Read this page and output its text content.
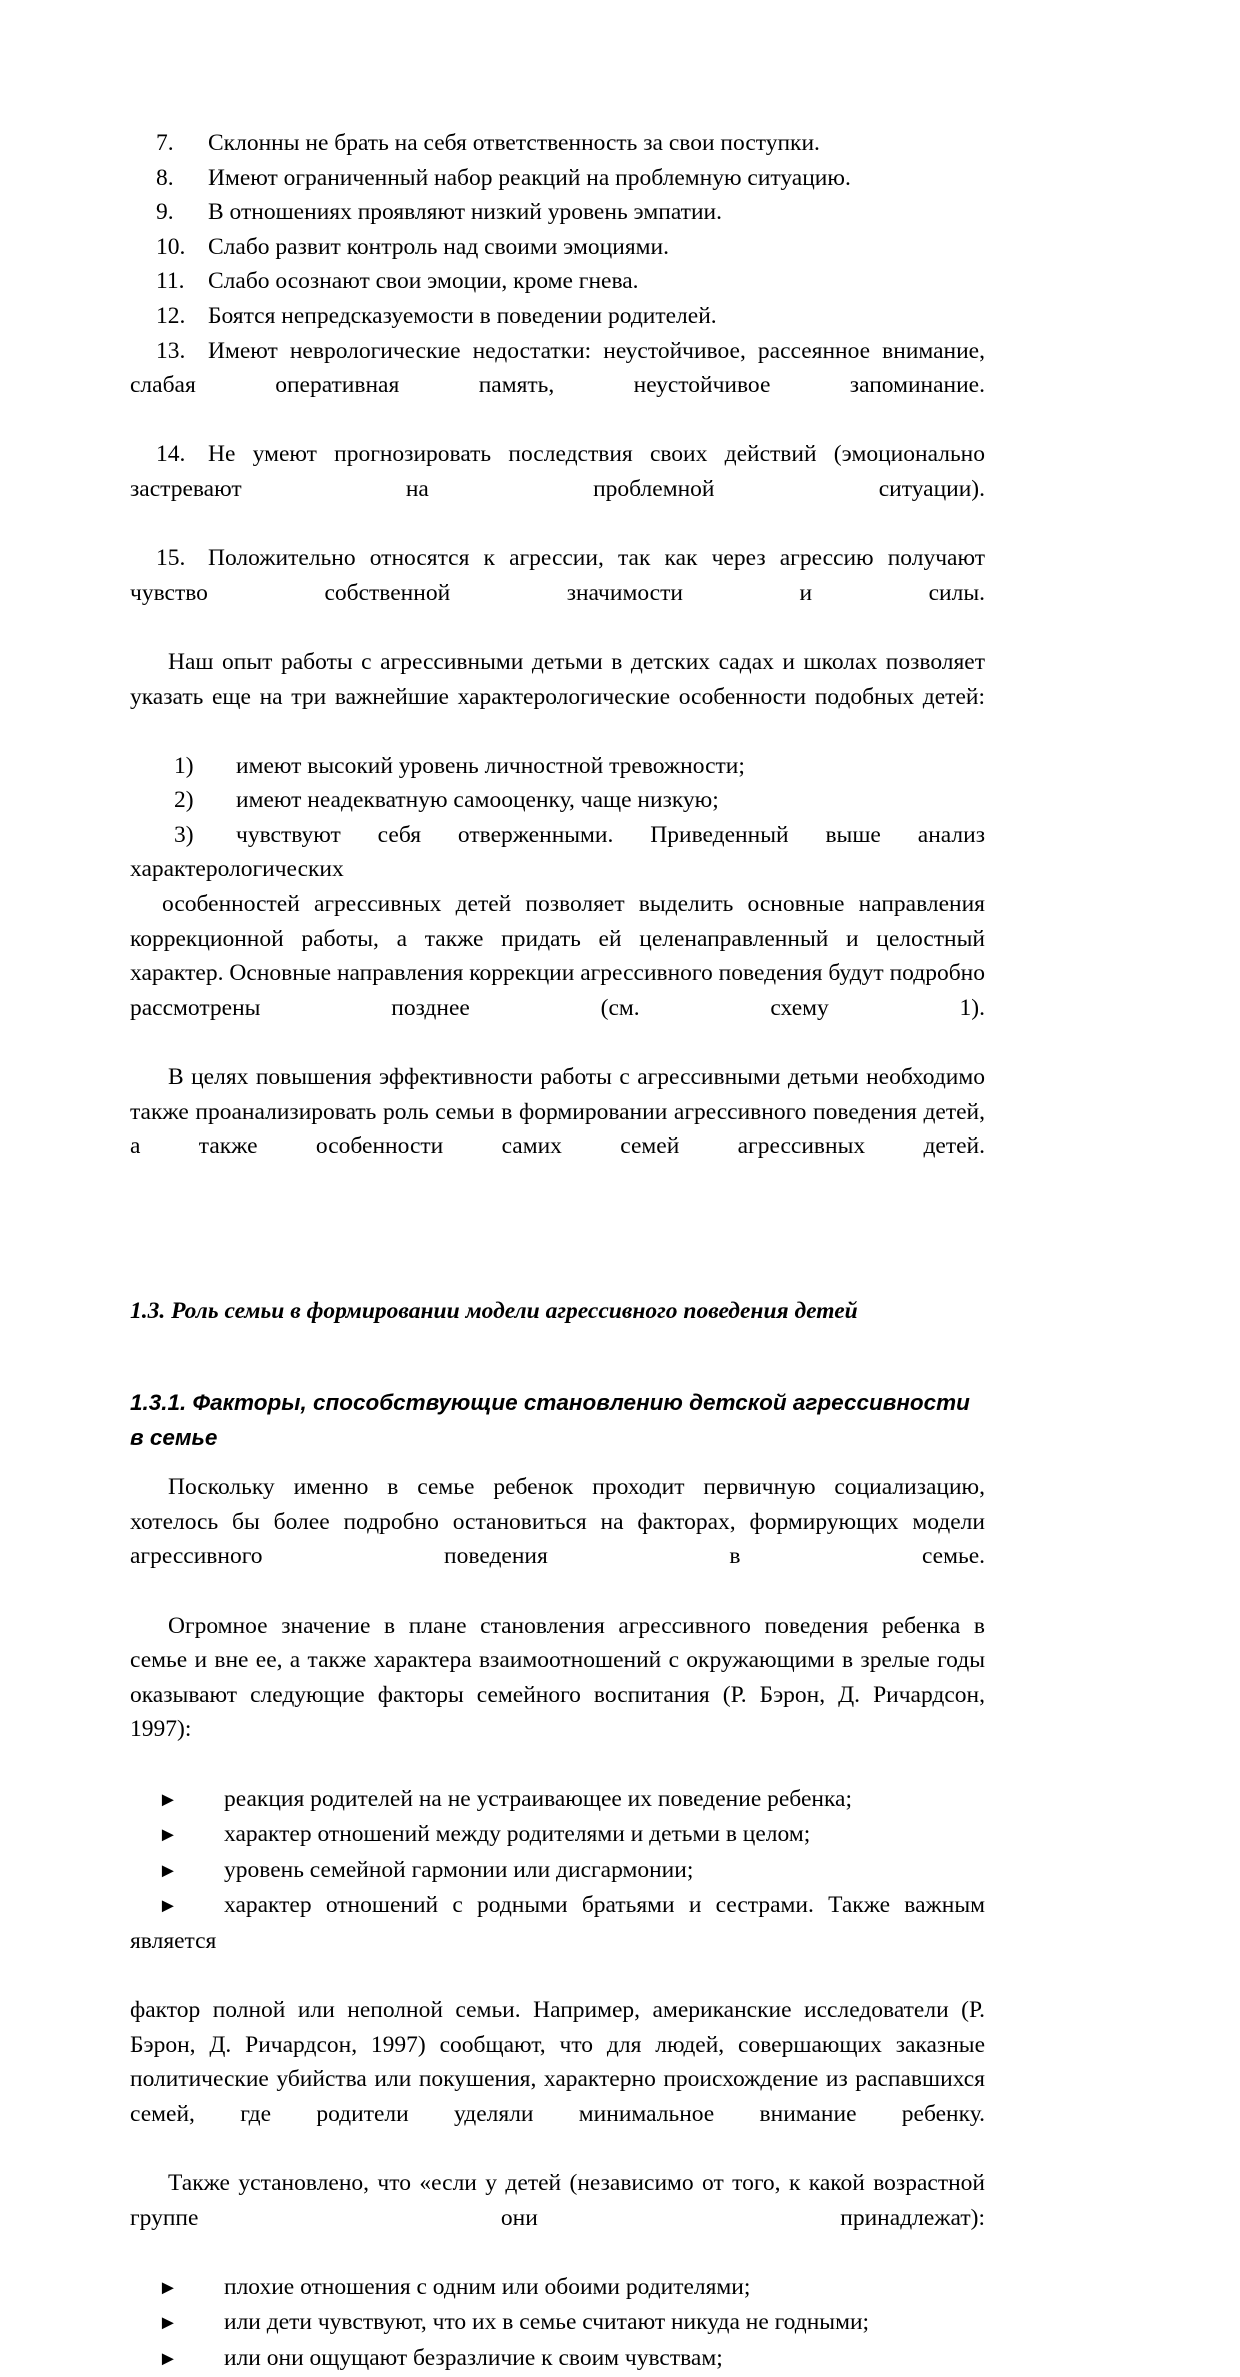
7. Склонны не брать на себя ответственность за свои поступки.

8. Имеют ограниченный набор реакций на проблемную ситуацию.

9. В отношениях проявляют низкий уровень эмпатии.

10. Слабо развит контроль над своими эмоциями.

11. Слабо осознают свои эмоции, кроме гнева.

12. Боятся непредсказуемости в поведении родителей.

13. Имеют неврологические недостатки: неустойчивое, рассеянное внимание, слабая оперативная память, неустойчивое запоминание.

14. Не умеют прогнозировать последствия своих действий (эмоционально застревают на проблемной ситуации).

15. Положительно относятся к агрессии, так как через агрессию получают чувство собственной значимости и силы.

Наш опыт работы с агрессивными детьми в детских садах и школах позволяет указать еще на три важнейшие характерологические особенности подобных детей:

1) имеют высокий уровень личностной тревожности;

2) имеют неадекватную самооценку, чаще низкую;

3) чувствуют себя отверженными. Приведенный выше анализ характерологических

особенностей агрессивных детей позволяет выделить основные направления коррекционной работы, а также придать ей целенаправленный и целостный характер. Основные направления коррекции агрессивного поведения будут подробно рассмотрены позднее (см. схему 1).

В целях повышения эффективности работы с агрессивными детьми необходимо также проанализировать роль семьи в формировании агрессивного поведения детей, а также особенности самих семей агрессивных детей.

1.3. Роль семьи в формировании модели агрессивного поведения детей
1.3.1. Факторы, способствующие становлению детской агрессивности в семье

Поскольку именно в семье ребенок проходит первичную социализацию, хотелось бы более подробно остановиться на факторах, формирующих модели агрессивного поведения в семье.

Огромное значение в плане становления агрессивного поведения ребенка в семье и вне ее, а также характера взаимоотношений с окружающими в зрелые годы оказывают следующие факторы семейного воспитания (Р. Бэрон, Д. Ричардсон, 1997):

► реакция родителей на не устраивающее их поведение ребенка;

► характер отношений между родителями и детьми в целом;

► уровень семейной гармонии или дисгармонии;

► характер отношений с родными братьями и сестрами. Также важным является

фактор полной или неполной семьи. Например, американские исследователи (Р. Бэрон, Д. Ричардсон, 1997) сообщают, что для людей, совершающих заказные политические убийства или покушения, характерно происхождение из распавшихся семей, где родители уделяли минимальное внимание ребенку.

Также установлено, что «если у детей (независимо от того, к какой возрастной группе они принадлежат):

► плохие отношения с одним или обоими родителями;

► или дети чувствуют, что их в семье считают никуда не годными;

► или они ощущают безразличие к своим чувствам;
